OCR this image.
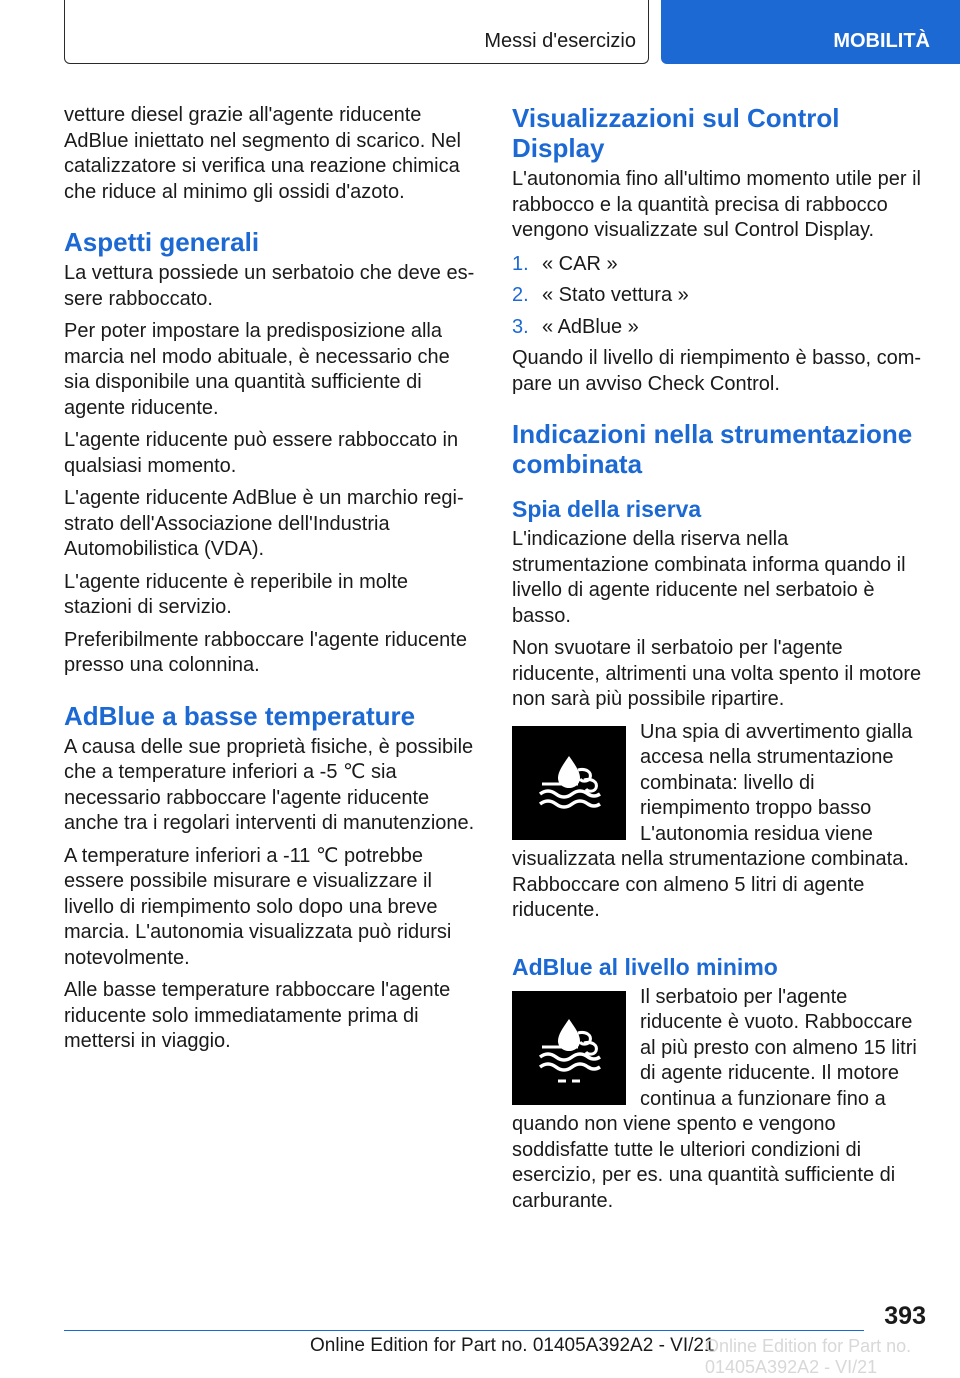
Messi d'esercizio	MOBILITÀ

vetture diesel grazie all'agente riducente AdBlue iniettato nel segmento di scarico. Nel catalizzatore si verifica una reazione chimica che riduce al minimo gli ossidi d'azoto.

Aspetti generali

La vettura possiede un serbatoio che deve essere rabboccato.

Per poter impostare la predisposizione alla marcia nel modo abituale, è necessario che sia disponibile una quantità sufficiente di agente riducente.

L'agente riducente può essere rabboccato in qualsiasi momento.

L'agente riducente AdBlue è un marchio registrato dell'Associazione dell'Industria Automobilistica (VDA).

L'agente riducente è reperibile in molte stazioni di servizio.

Preferibilmente rabboccare l'agente riducente presso una colonnina.

AdBlue a basse temperature

A causa delle sue proprietà fisiche, è possibile che a temperature inferiori a -5 ℃ sia necessario rabboccare l'agente riducente anche tra i regolari interventi di manutenzione.

A temperature inferiori a -11 ℃ potrebbe essere possibile misurare e visualizzare il livello di riempimento solo dopo una breve marcia. L'autonomia visualizzata può ridursi notevolmente.

Alle basse temperature rabboccare l'agente riducente solo immediatamente prima di mettersi in viaggio.

Visualizzazioni sul Control Display

L'autonomia fino all'ultimo momento utile per il rabbocco e la quantità precisa di rabbocco vengono visualizzate sul Control Display.

1. « CAR »
2. « Stato vettura »
3. « AdBlue »

Quando il livello di riempimento è basso, compare un avviso Check Control.

Indicazioni nella strumentazione combinata
Spia della riserva

L'indicazione della riserva nella strumentazione combinata informa quando il livello di agente riducente nel serbatoio è basso.

Non svuotare il serbatoio per l'agente riducente, altrimenti una volta spento il motore non sarà più possibile ripartire.

Una spia di avvertimento gialla accesa nella strumentazione combinata: livello di riempimento troppo basso L'autonomia residua viene visualizzata nella strumentazione combinata. Rabboccare con almeno 5 litri di agente riducente.

AdBlue al livello minimo

Il serbatoio per l'agente riducente è vuoto. Rabboccare al più presto con almeno 15 litri di agente riducente. Il motore continua a funzionare fino a quando non viene spento e vengono soddisfatte tutte le ulteriori condizioni di esercizio, per es. una quantità sufficiente di carburante.

393
Online Edition for Part no. 01405A392A2 - VI/21
Online Edition for Part no. 01405A392A2 - VI/21
